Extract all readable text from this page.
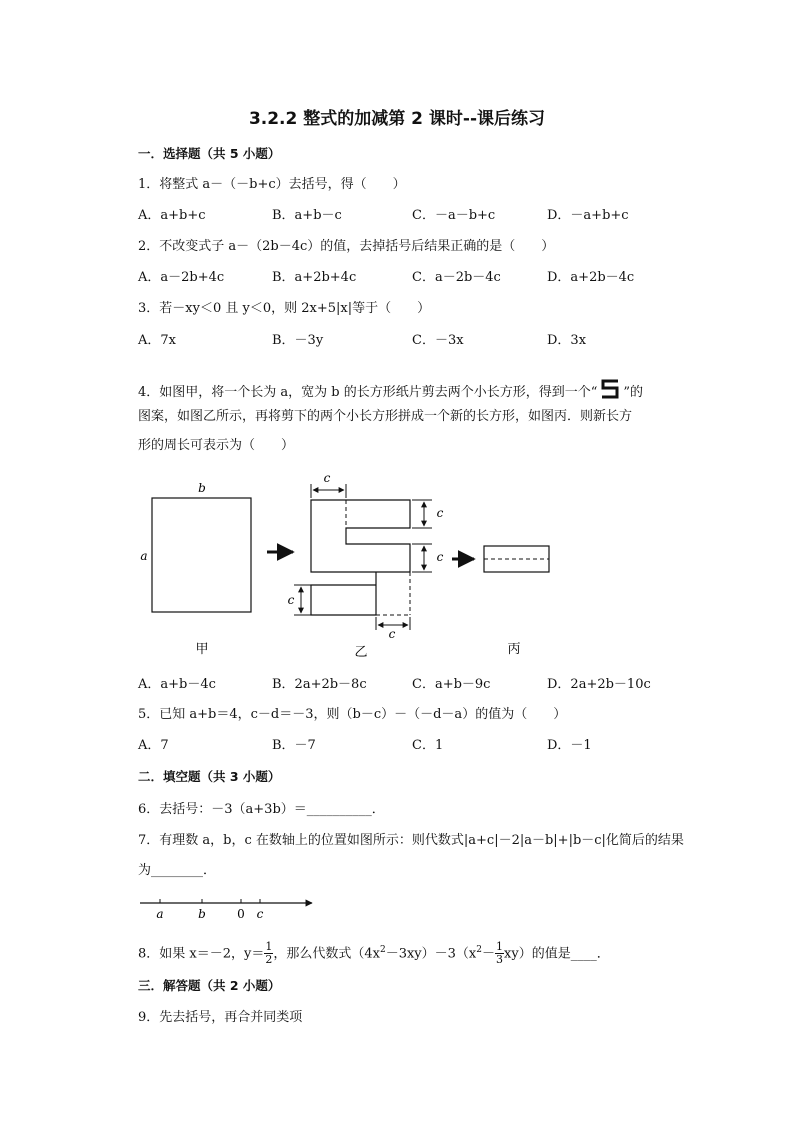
3.2.2 整式的加减第 2 课时--课后练习
一．选择题（共 5 小题）
1．将整式 a－（－b+c）去括号，得（　　）
A．a+b+c	B．a+b－c	C．－a－b+c	D．－a+b+c
2．不改变式子 a－（2b－4c）的值，去掉括号后结果正确的是（　　）
A．a－2b+4c	B．a+2b+4c	C．a－2b－4c	D．a+2b－4c
3．若－xy＜0 且 y＜0，则 2x+5|x|等于（　　）
A．7x	B．－3y	C．－3x	D．3x
4．如图甲，将一个长为 a，宽为 b 的长方形纸片剪去两个小长方形，得到一个“ ”的
图案，如图乙所示，再将剪下的两个小长方形拼成一个新的长方形，如图丙．则新长方
形的周长可表示为（　　）
b
a
c
c
c
c
c
甲	乙	丙
A．a+b－4c	B．2a+2b－8c	C．a+b－9c	D．2a+2b－10c
5．已知 a+b＝4，c－d＝－3，则（b－c）－（－d－a）的值为（　　）
A．7	B．－7	C．1	D．－1
二．填空题（共 3 小题）
6．去括号：－3（a+3b）＝__________．
7．有理数 a，b，c 在数轴上的位置如图所示：则代数式|a+c|－2|a－b|+|b－c|化简后的结果
为________．
a	b	0 c
8．如果 x＝－2，$y= \frac{1}{2}$ ，那么代数式$(4x^2-3xy)-3(x^2- \frac{1}{3} xy)$的值是____．
三．解答题（共 2 小题）
9．先去括号，再合并同类项
